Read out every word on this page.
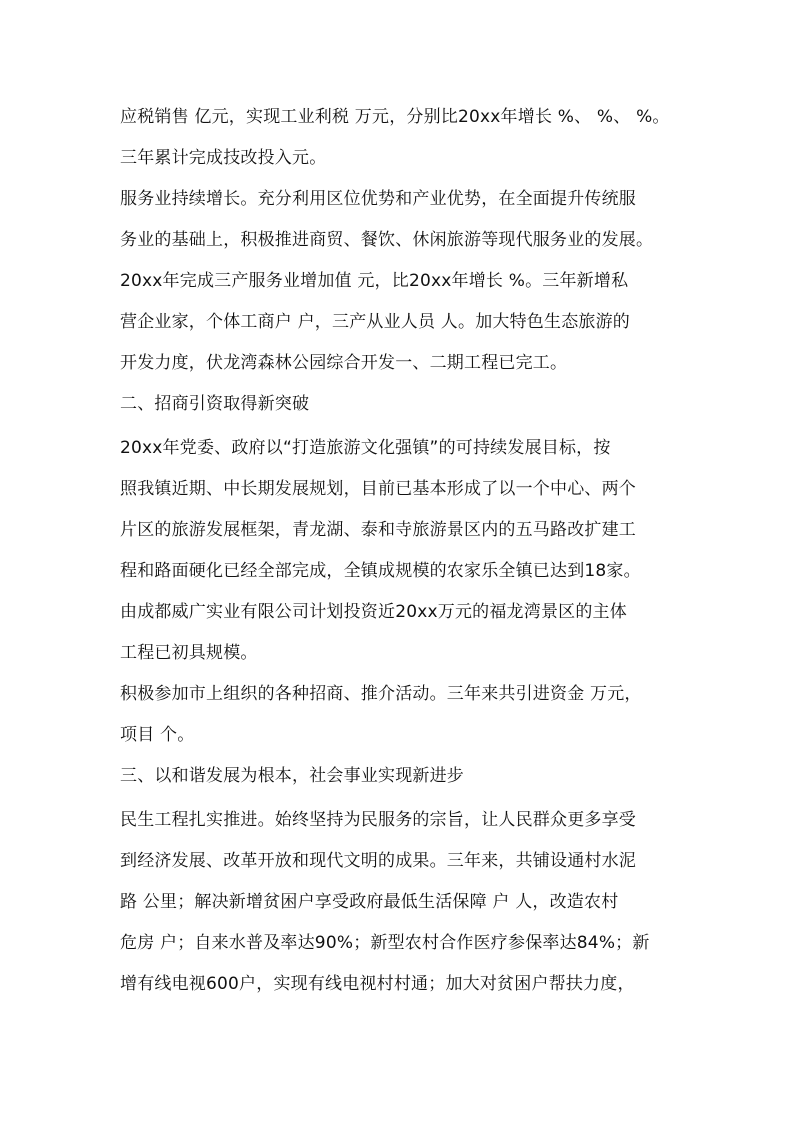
应税销售 亿元，实现工业利税 万元，分别比20xx年增长 %、 %、 %。
三年累计完成技改投入元。
服务业持续增长。充分利用区位优势和产业优势，在全面提升传统服
务业的基础上，积极推进商贸、餐饮、休闲旅游等现代服务业的发展。
20xx年完成三产服务业增加值 元，比20xx年增长 %。三年新增私
营企业家，个体工商户 户，三产从业人员 人。加大特色生态旅游的
开发力度，伏龙湾森林公园综合开发一、二期工程已完工。
二、招商引资取得新突破
20xx年党委、政府以“打造旅游文化强镇”的可持续发展目标，按
照我镇近期、中长期发展规划，目前已基本形成了以一个中心、两个
片区的旅游发展框架，青龙湖、泰和寺旅游景区内的五马路改扩建工
程和路面硬化已经全部完成，全镇成规模的农家乐全镇已达到18家。
由成都威广实业有限公司计划投资近20xx万元的福龙湾景区的主体
工程已初具规模。
积极参加市上组织的各种招商、推介活动。三年来共引进资金 万元，
项目 个。
三、以和谐发展为根本，社会事业实现新进步
民生工程扎实推进。始终坚持为民服务的宗旨，让人民群众更多享受
到经济发展、改革开放和现代文明的成果。三年来，共铺设通村水泥
路 公里；解决新增贫困户享受政府最低生活保障 户 人，改造农村
危房 户；自来水普及率达90%；新型农村合作医疗参保率达84%；新
增有线电视600户，实现有线电视村村通；加大对贫困户帮扶力度，
